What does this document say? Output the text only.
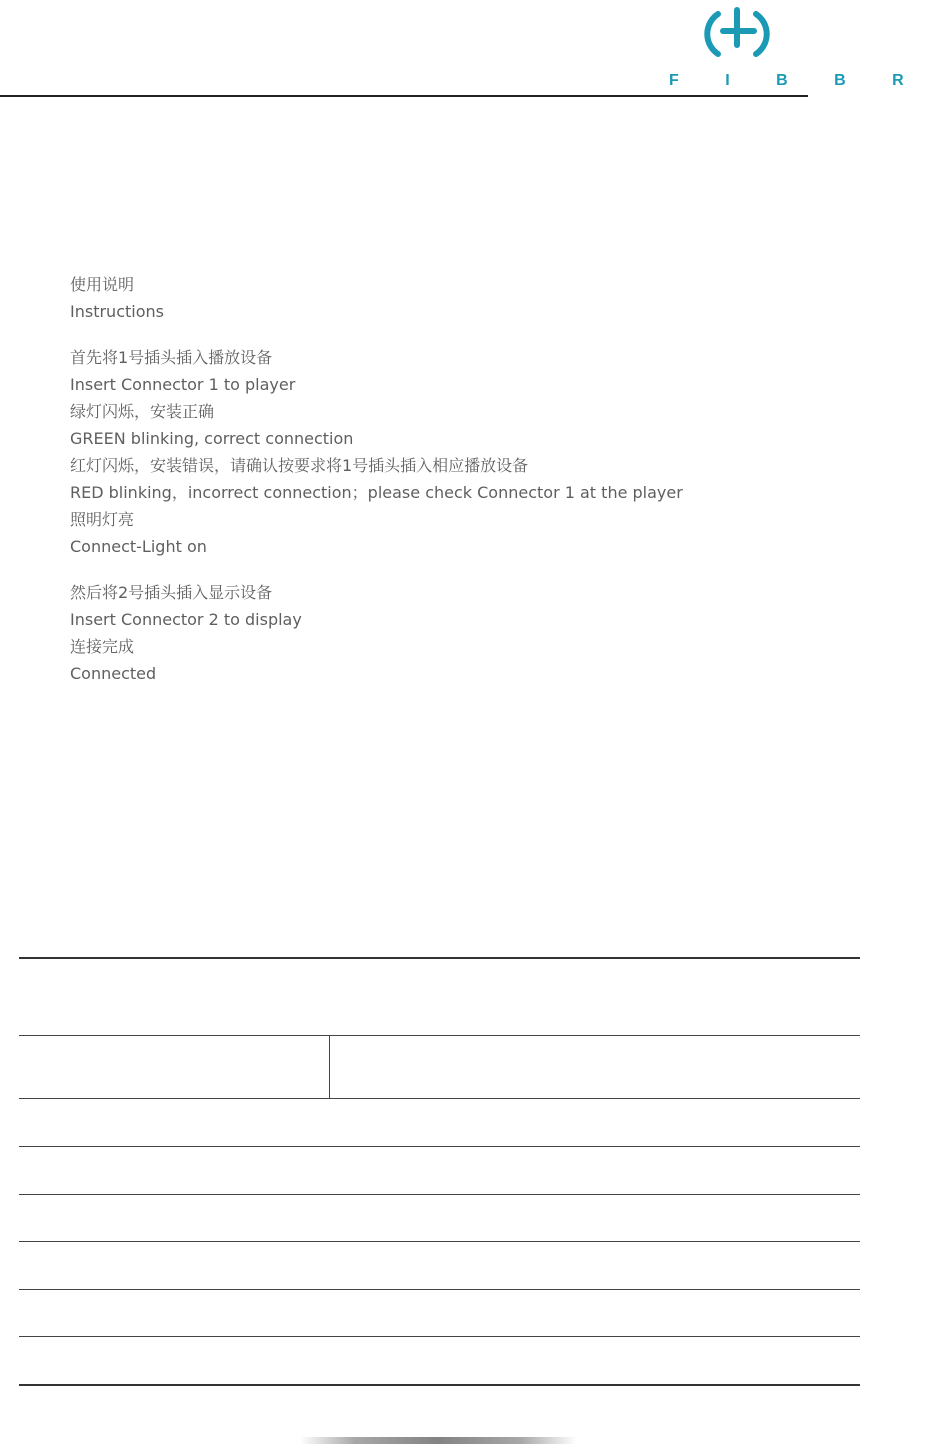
F I B B R
使用说明
Instructions
首先将1号插头插入播放设备
Insert Connector 1 to player
绿灯闪烁，安装正确
GREEN blinking, correct connection
红灯闪烁，安装错误，请确认按要求将1号插头插入相应播放设备
RED blinking，incorrect connection；please check Connector 1 at the player
照明灯亮
Connect-Light on
然后将2号插头插入显示设备
Insert Connector 2 to display
连接完成
Connected
